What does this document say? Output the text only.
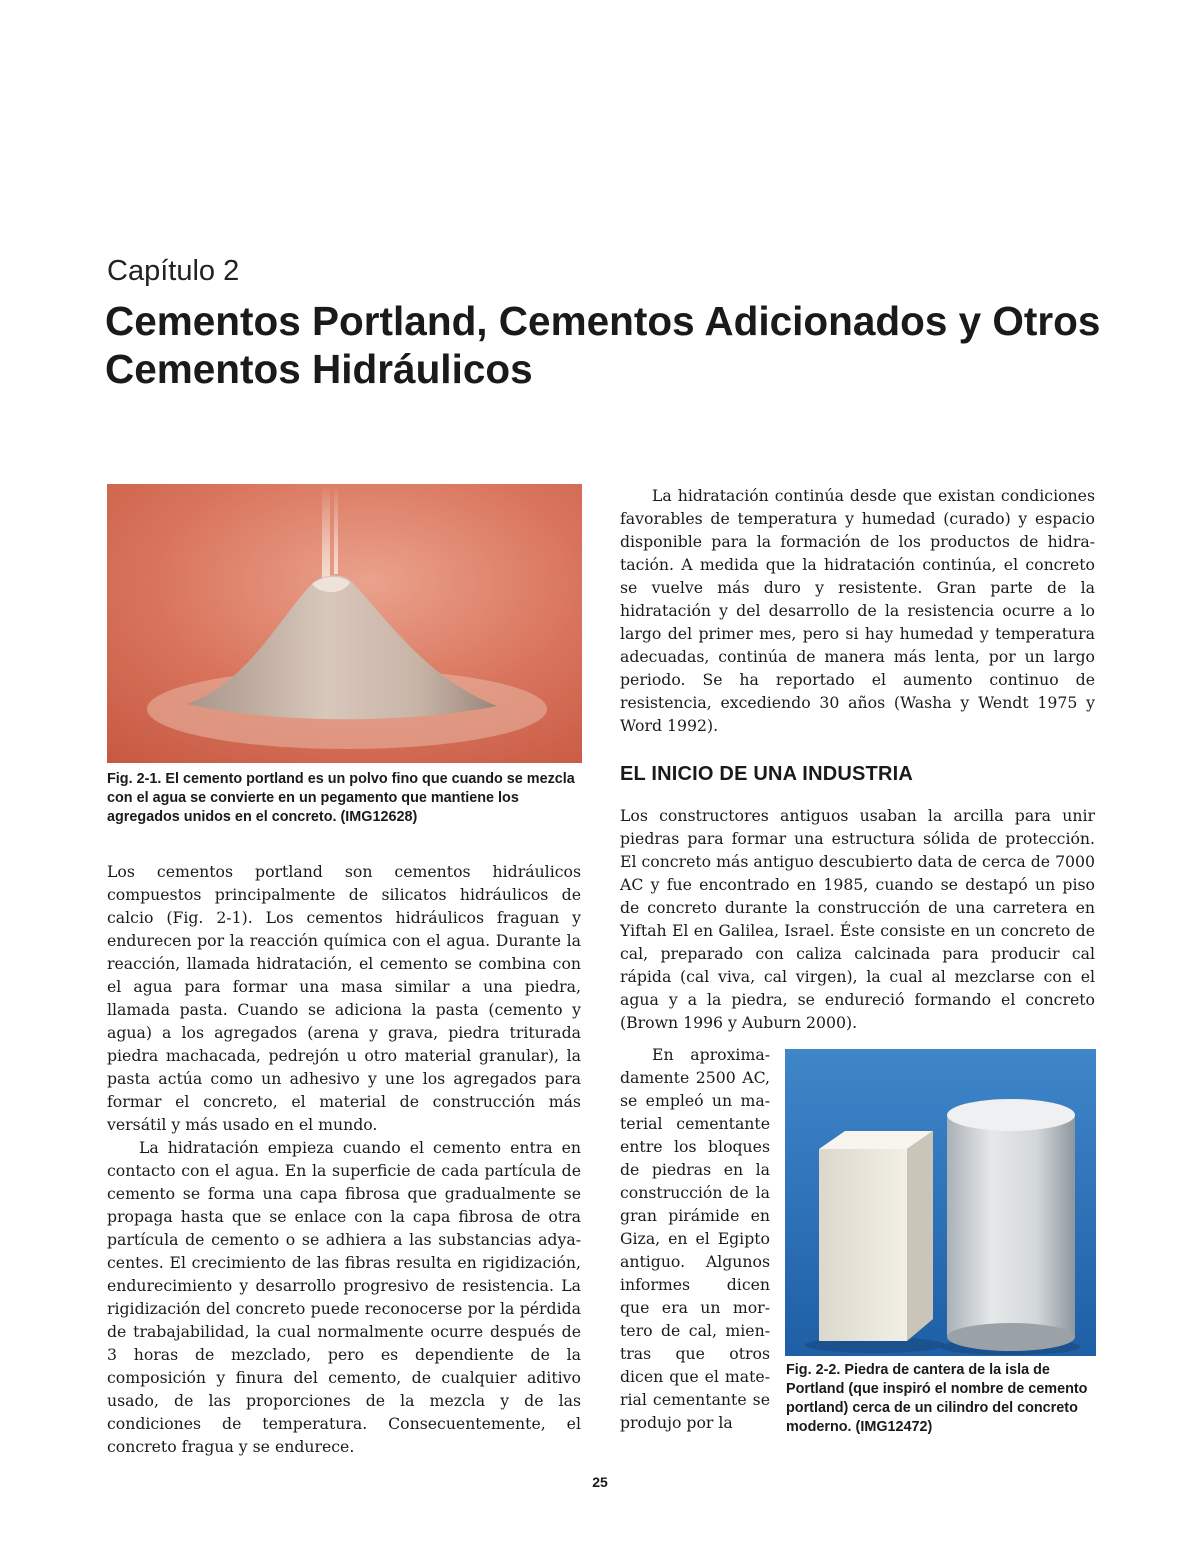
Capítulo 2
Cementos Portland, Cementos Adicionados y Otros Cementos Hidráulicos
Fig. 2-1. El cemento portland es un polvo fino que cuando se mezcla con el agua se convierte en un pegamento que mantiene los agregados unidos en el concreto. (IMG12628)

Los cementos portland son cementos hidráulicos compuestos principalmente de silicatos hidráulicos de calcio (Fig. 2-1). Los cementos hidráulicos fraguan y endurecen por la reacción química con el agua. Durante la reacción, llamada hidratación, el cemento se combina con el agua para formar una masa similar a una piedra, llamada pasta. Cuando se adiciona la pasta (cemento y agua) a los agregados (arena y grava, piedra triturada piedra machacada, pedrejón u otro material granular), la pasta actúa como un adhesivo y une los agregados para formar el concreto, el material de construcción más versátil y más usado en el mundo.

La hidratación empieza cuando el cemento entra en contacto con el agua. En la superficie de cada partícula de cemento se forma una capa fibrosa que gradualmente se propaga hasta que se enlace con la capa fibrosa de otra partícula de cemento o se adhiera a las substancias adyacentes. El crecimiento de las fibras resulta en rigidización, endurecimiento y desarrollo progresivo de resistencia. La rigidización del concreto puede reconocerse por la pérdida de trabajabilidad, la cual normalmente ocurre después de 3 horas de mezclado, pero es dependiente de la composición y finura del cemento, de cualquier aditivo usado, de las proporciones de la mezcla y de las condiciones de temperatura. Consecuentemente, el concreto fragua y se endurece.

La hidratación continúa desde que existan condiciones favorables de temperatura y humedad (curado) y espacio disponible para la formación de los productos de hidratación. A medida que la hidratación continúa, el concreto se vuelve más duro y resistente. Gran parte de la hidratación y del desarrollo de la resistencia ocurre a lo largo del primer mes, pero si hay humedad y temperatura adecuadas, continúa de manera más lenta, por un largo periodo. Se ha reportado el aumento continuo de resistencia, excediendo 30 años (Washa y Wendt 1975 y Word 1992).

EL INICIO DE UNA INDUSTRIA

Los constructores antiguos usaban la arcilla para unir piedras para formar una estructura sólida de protección. El concreto más antiguo descubierto data de cerca de 7000 AC y fue encontrado en 1985, cuando se destapó un piso de concreto durante la construcción de una carretera en Yiftah El en Galilea, Israel. Éste consiste en un concreto de cal, preparado con caliza calcinada para producir cal rápida (cal viva, cal virgen), la cual al mezclarse con el agua y a la piedra, se endureció formando el concreto (Brown 1996 y Auburn 2000).

En aproximadamente 2500 AC, se empleó un material cementante entre los bloques de piedras en la construcción de la gran pirámide en Giza, en el Egipto antiguo. Algunos informes dicen que era un mortero de cal, mientras que otros dicen que el material cementante se produjo por la

Fig. 2-2. Piedra de cantera de la isla de Portland (que inspiró el nombre de cemento portland) cerca de un cilindro del concreto moderno. (IMG12472)
25
